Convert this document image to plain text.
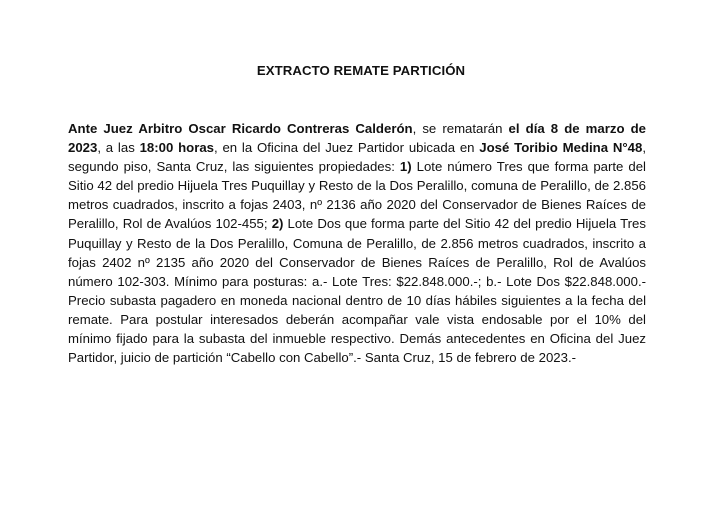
EXTRACTO REMATE PARTICIÓN

Ante Juez Arbitro Oscar Ricardo Contreras Calderón, se rematarán el día 8 de marzo de 2023, a las 18:00 horas, en la Oficina del Juez Partidor ubicada en José Toribio Medina N°48, segundo piso, Santa Cruz, las siguientes propiedades: 1) Lote número Tres que forma parte del Sitio 42 del predio Hijuela Tres Puquillay y Resto de la Dos Peralillo, comuna de Peralillo, de 2.856 metros cuadrados, inscrito a fojas 2403, nº 2136 año 2020 del Conservador de Bienes Raíces de Peralillo, Rol de Avalúos 102-455; 2) Lote Dos que forma parte del Sitio 42 del predio Hijuela Tres Puquillay y Resto de la Dos Peralillo, Comuna de Peralillo, de 2.856 metros cuadrados, inscrito a fojas 2402 nº 2135 año 2020 del Conservador de Bienes Raíces de Peralillo, Rol de Avalúos número 102-303. Mínimo para posturas: a.- Lote Tres: $22.848.000.-; b.- Lote Dos $22.848.000.- Precio subasta pagadero en moneda nacional dentro de 10 días hábiles siguientes a la fecha del remate. Para postular interesados deberán acompañar vale vista endosable por el 10% del mínimo fijado para la subasta del inmueble respectivo. Demás antecedentes en Oficina del Juez Partidor, juicio de partición “Cabello con Cabello”.- Santa Cruz, 15 de febrero de 2023.-
